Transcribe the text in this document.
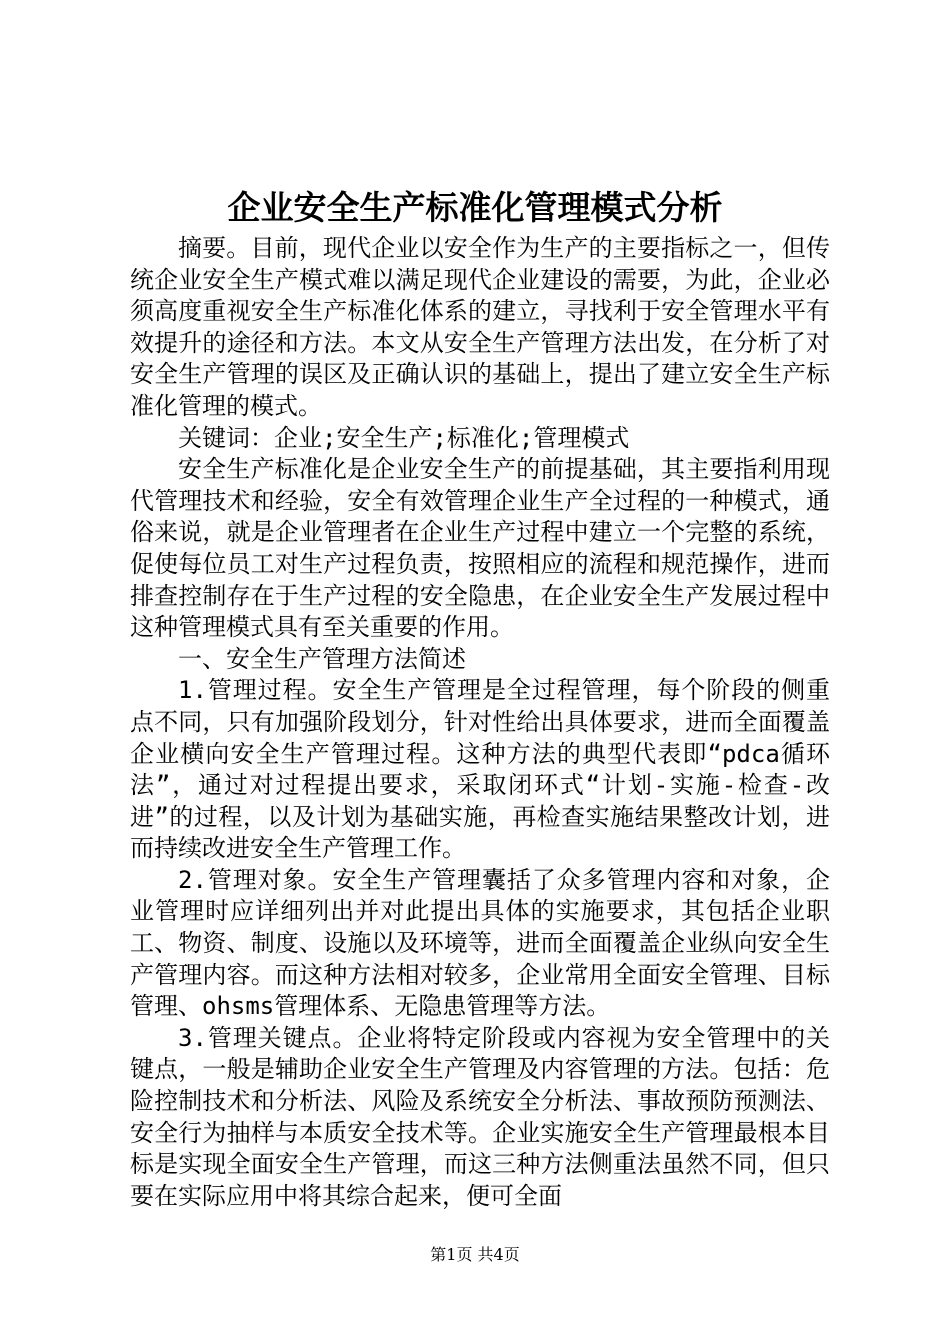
企业安全生产标准化管理模式分析

摘要。目前，现代企业以安全作为生产的主要指标之一，但传统企业安全生产模式难以满足现代企业建设的需要，为此，企业必须高度重视安全生产标准化体系的建立，寻找利于安全管理水平有效提升的途径和方法。本文从安全生产管理方法出发，在分析了对安全生产管理的误区及正确认识的基础上，提出了建立安全生产标准化管理的模式。

关键词：企业;安全生产;标准化;管理模式

安全生产标准化是企业安全生产的前提基础，其主要指利用现代管理技术和经验，安全有效管理企业生产全过程的一种模式，通俗来说，就是企业管理者在企业生产过程中建立一个完整的系统，促使每位员工对生产过程负责，按照相应的流程和规范操作，进而排查控制存在于生产过程的安全隐患，在企业安全生产发展过程中这种管理模式具有至关重要的作用。

一、安全生产管理方法简述

1.管理过程。安全生产管理是全过程管理，每个阶段的侧重点不同，只有加强阶段划分，针对性给出具体要求，进而全面覆盖企业横向安全生产管理过程。这种方法的典型代表即“pdca循环法”，通过对过程提出要求，采取闭环式“计划-实施-检查-改进”的过程，以及计划为基础实施，再检查实施结果整改计划，进而持续改进安全生产管理工作。

2.管理对象。安全生产管理囊括了众多管理内容和对象，企业管理时应详细列出并对此提出具体的实施要求，其包括企业职工、物资、制度、设施以及环境等，进而全面覆盖企业纵向安全生产管理内容。而这种方法相对较多，企业常用全面安全管理、目标管理、ohsms管理体系、无隐患管理等方法。

3.管理关键点。企业将特定阶段或内容视为安全管理中的关键点，一般是辅助企业安全生产管理及内容管理的方法。包括：危险控制技术和分析法、风险及系统安全分析法、事故预防预测法、安全行为抽样与本质安全技术等。企业实施安全生产管理最根本目标是实现全面安全生产管理，而这三种方法侧重法虽然不同，但只要在实际应用中将其综合起来，便可全面

第1页 共4页
